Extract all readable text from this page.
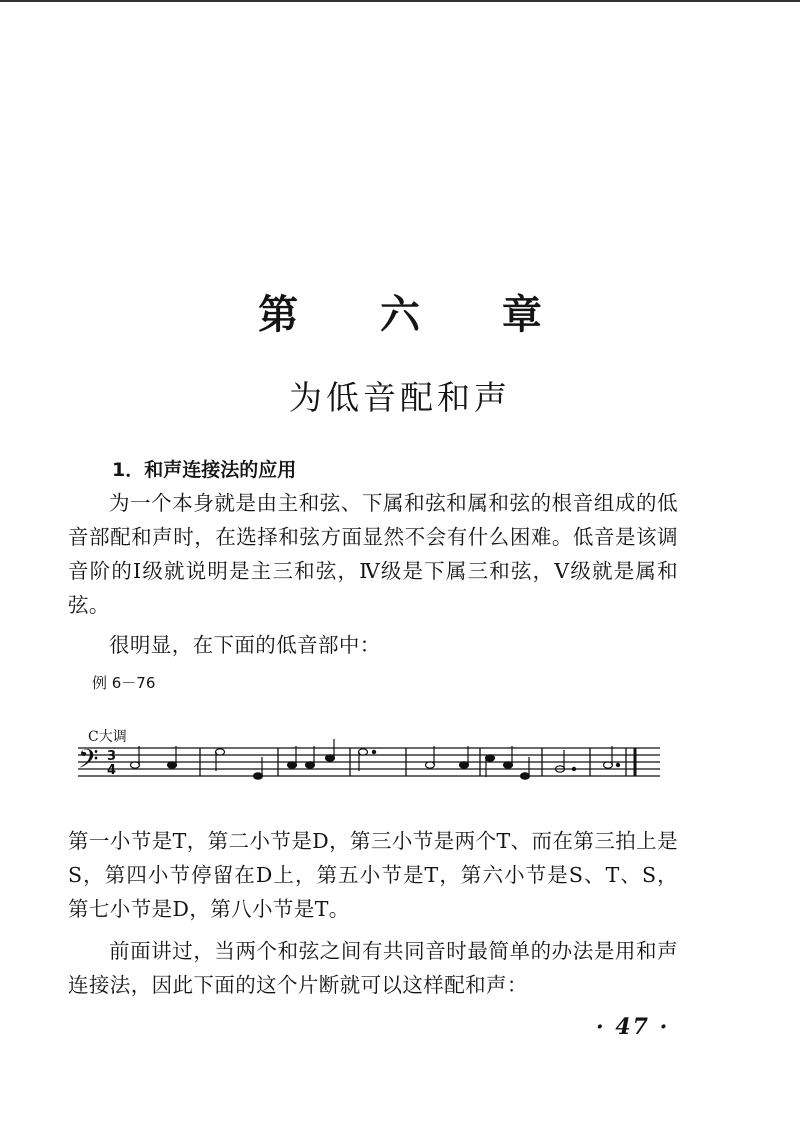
第 六 章
为低音配和声
1．和声连接法的应用

为一个本身就是由主和弦、下属和弦和属和弦的根音组成的低音部配和声时，在选择和弦方面显然不会有什么困难。低音是该调音阶的Ⅰ级就说明是主三和弦，Ⅳ级是下属三和弦，Ⅴ级就是属和弦。

很明显，在下面的低音部中：

例 6－76
C大调
𝄢 3
4

第一小节是T，第二小节是D，第三小节是两个T、而在第三拍上是S，第四小节停留在D上，第五小节是T，第六小节是S、T、S，第七小节是D，第八小节是T。

前面讲过，当两个和弦之间有共同音时最简单的办法是用和声连接法，因此下面的这个片断就可以这样配和声：

· 47 ·
